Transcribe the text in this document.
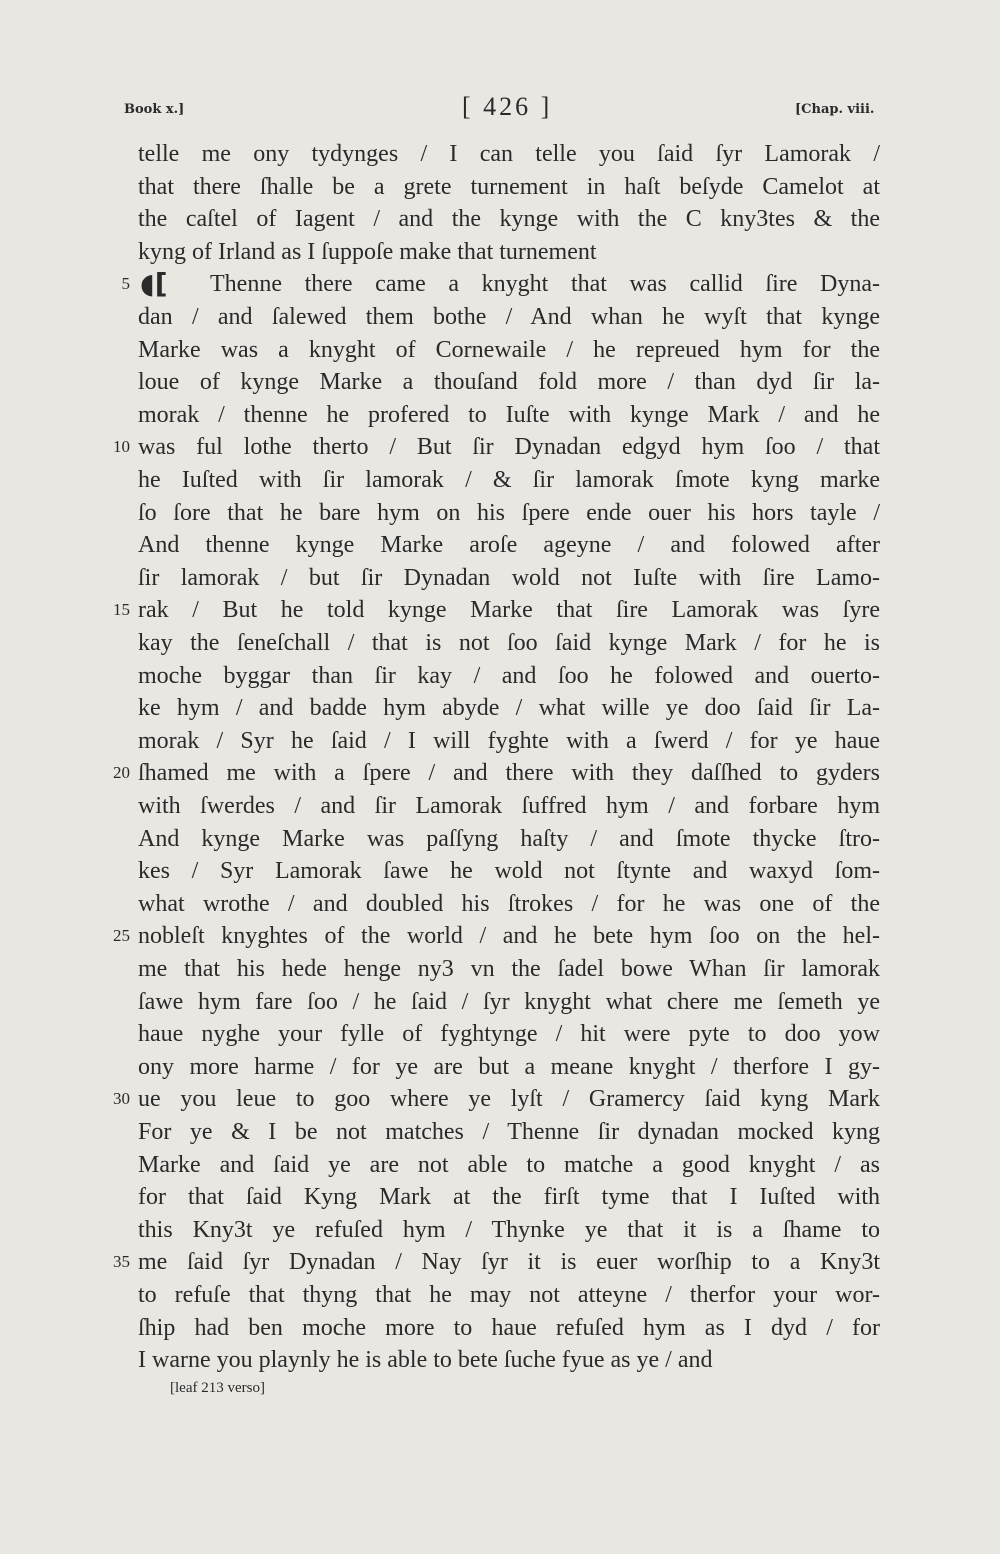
Book x.]	[ 426 ]	[Chap. viii.
telle me ony tydynges / I can telle you ſaid ſyr Lamorak /
that there ſhalle be a grete turnement in haſt beſyde Camelot at
the caſtel of Iagent / and the kynge with the C kny3tes & the
kyng of Irland as I ſuppoſe make that turnement
5 ◖[ Thenne there came a knyght that was callid ſire Dyna-
dan / and ſalewed them bothe / And whan he wyſt that kynge
Marke was a knyght of Cornewaile / he repreued hym for the
loue of kynge Marke a thouſand fold more / than dyd ſir la-
morak / thenne he profered to Iuſte with kynge Mark / and he
10 was ful lothe therto / But ſir Dynadan edgyd hym ſoo / that
he Iuſted with ſir lamorak / & ſir lamorak ſmote kyng marke
ſo ſore that he bare hym on his ſpere ende ouer his hors tayle /
And thenne kynge Marke aroſe ageyne / and folowed after
ſir lamorak / but ſir Dynadan wold not Iuſte with ſire Lamo-
15 rak / But he told kynge Marke that ſire Lamorak was ſyre
kay the ſeneſchall / that is not ſoo ſaid kynge Mark / for he is
moche byggar than ſir kay / and ſoo he folowed and ouerto-
ke hym / and badde hym abyde / what wille ye doo ſaid ſir La-
morak / Syr he ſaid / I will fyghte with a ſwerd / for ye haue
20 ſhamed me with a ſpere / and there with they daſſhed to gyders
with ſwerdes / and ſir Lamorak ſuffred hym / and forbare hym
And kynge Marke was paſſyng haſty / and ſmote thycke ſtro-
kes / Syr Lamorak ſawe he wold not ſtynte and waxyd ſom-
what wrothe / and doubled his ſtrokes / for he was one of the
25 nobleſt knyghtes of the world / and he bete hym ſoo on the hel-
me that his hede henge ny3 vn the ſadel bowe Whan ſir lamorak
ſawe hym fare ſoo / he ſaid / ſyr knyght what chere me ſemeth ye
haue nyghe your fylle of fyghtynge / hit were pyte to doo yow
ony more harme / for ye are but a meane knyght / therfore I gy-
30 ue you leue to goo where ye lyſt / Gramercy ſaid kyng Mark
For ye & I be not matches / Thenne ſir dynadan mocked kyng
Marke and ſaid ye are not able to matche a good knyght / as
for that ſaid Kyng Mark at the firſt tyme that I Iuſted with
this Kny3t ye refuſed hym / Thynke ye that it is a ſhame to
35 me ſaid ſyr Dynadan / Nay ſyr it is euer worſhip to a Kny3t
to refuſe that thyng that he may not atteyne / therfor your wor-
ſhip had ben moche more to haue refuſed hym as I dyd / for
I warne you playnly he is able to bete ſuche fyue as ye / and
[leaf 213 verso]
